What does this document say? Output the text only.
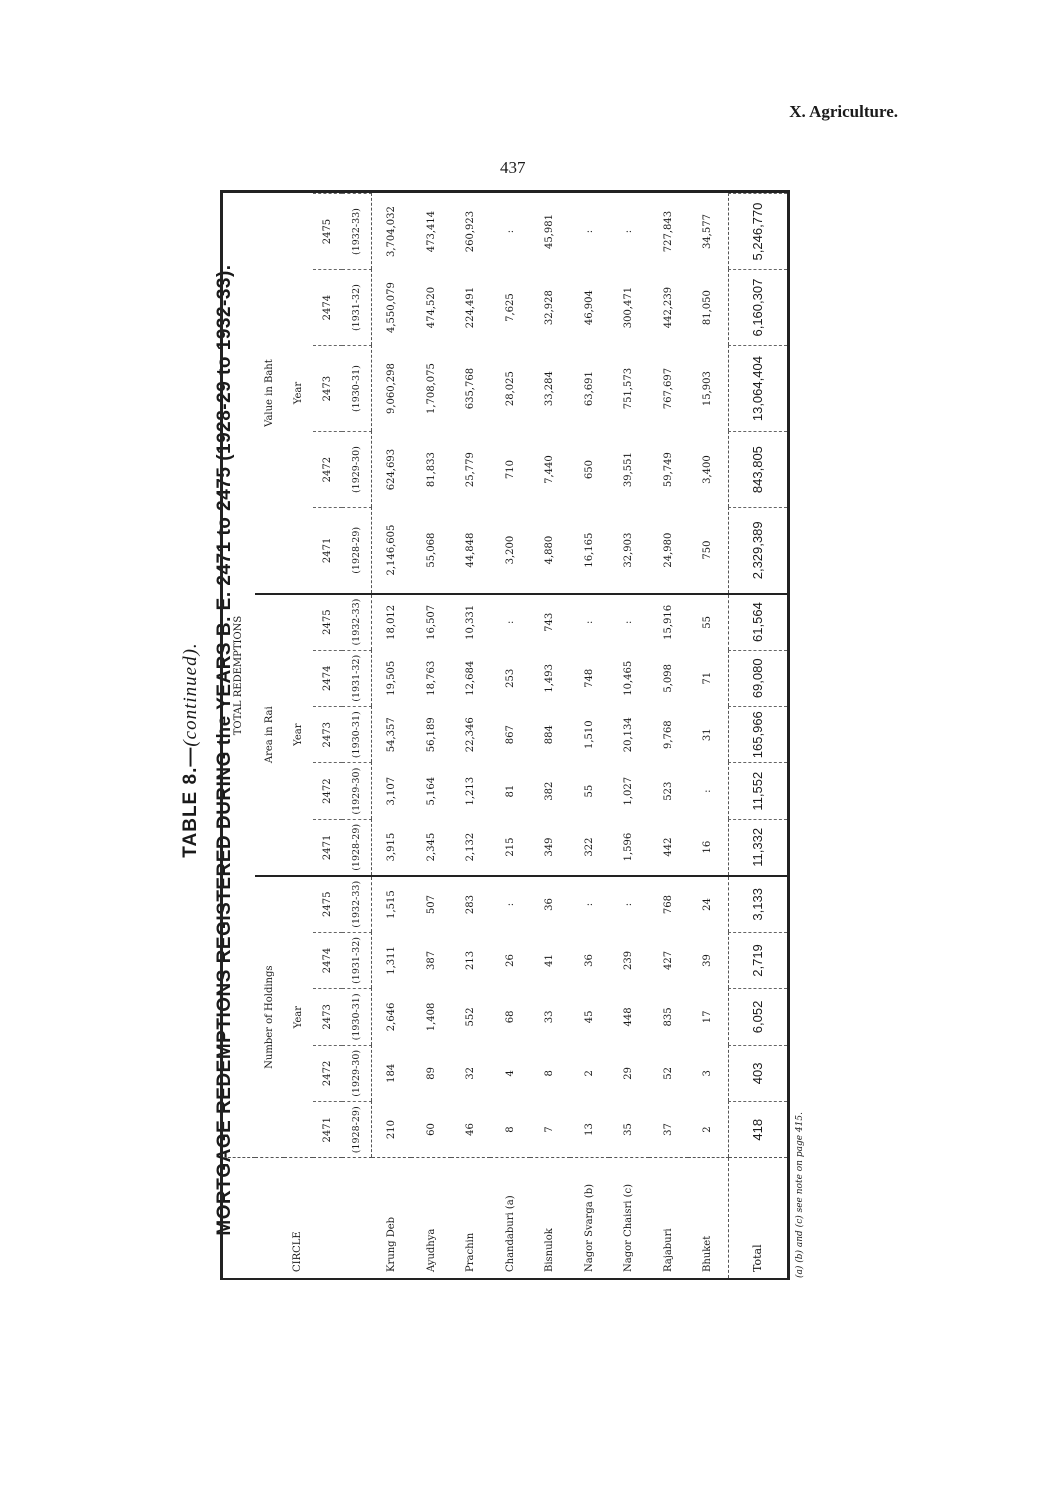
X. Agriculture.
437
TABLE 8.—(continued). MORTGAGE REDEMPTIONS REGISTERED DURING the YEARS B. E. 2471 to 2475 (1928-29 to 1932-33).
CIRCLE	TOTAL REDEMPTIONS														
	Number of Holdings					Area in Rai					Value in Baht				
	Year					Year					Year				
	2471	2472	2473	2474	2475	2471	2472	2473	2474	2475	2471	2472	2473	2474	2475
	(1928-29)	(1929-30)	(1930-31)	(1931-32)	(1932-33)	(1928-29)	(1929-30)	(1930-31)	(1931-32)	(1932-33)	(1928-29)	(1929-30)	(1930-31)	(1931-32)	(1932-33)
Krung Deb	210	184	2,646	1,311	1,515	3,915	3,107	54,357	19,505	18,012	2,146,605	624,693	9,060,298	4,550,079	3,704,032
Ayudhya	60	89	1,408	387	507	2,345	5,164	56,189	18,763	16,507	55,068	81,833	1,708,075	474,520	473,414
Prachin	46	32	552	213	283	2,132	1,213	22,346	12,684	10,331	44,848	25,779	635,768	224,491	260,923
Chandaburi (a)	8	4	68	26	:	215	81	867	253	:	3,200	710	28,025	7,625	:
Bisnulok	7	8	33	41	36	349	382	884	1,493	743	4,880	7,440	33,284	32,928	45,981
Nagor Svarga (b)	13	2	45	36	:	322	55	1,510	748	:	16,165	650	63,691	46,904	:
Nagor Chaisri (c)	35	29	448	239	:	1,596	1,027	20,134	10,465	:	32,903	39,551	751,573	300,471	:
Rajaburi	37	52	835	427	768	442	523	9,768	5,098	15,916	24,980	59,749	767,697	442,239	727,843
Bhuket	2	3	17	39	24	16	:	31	71	55	750	3,400	15,903	81,050	34,577
Total	418	403	6,052	2,719	3,133	11,332	11,552	165,966	69,080	61,564	2,329,389	843,805	13,064,404	6,160,307	5,246,770
(a) (b) and (c) see note on page 415.
